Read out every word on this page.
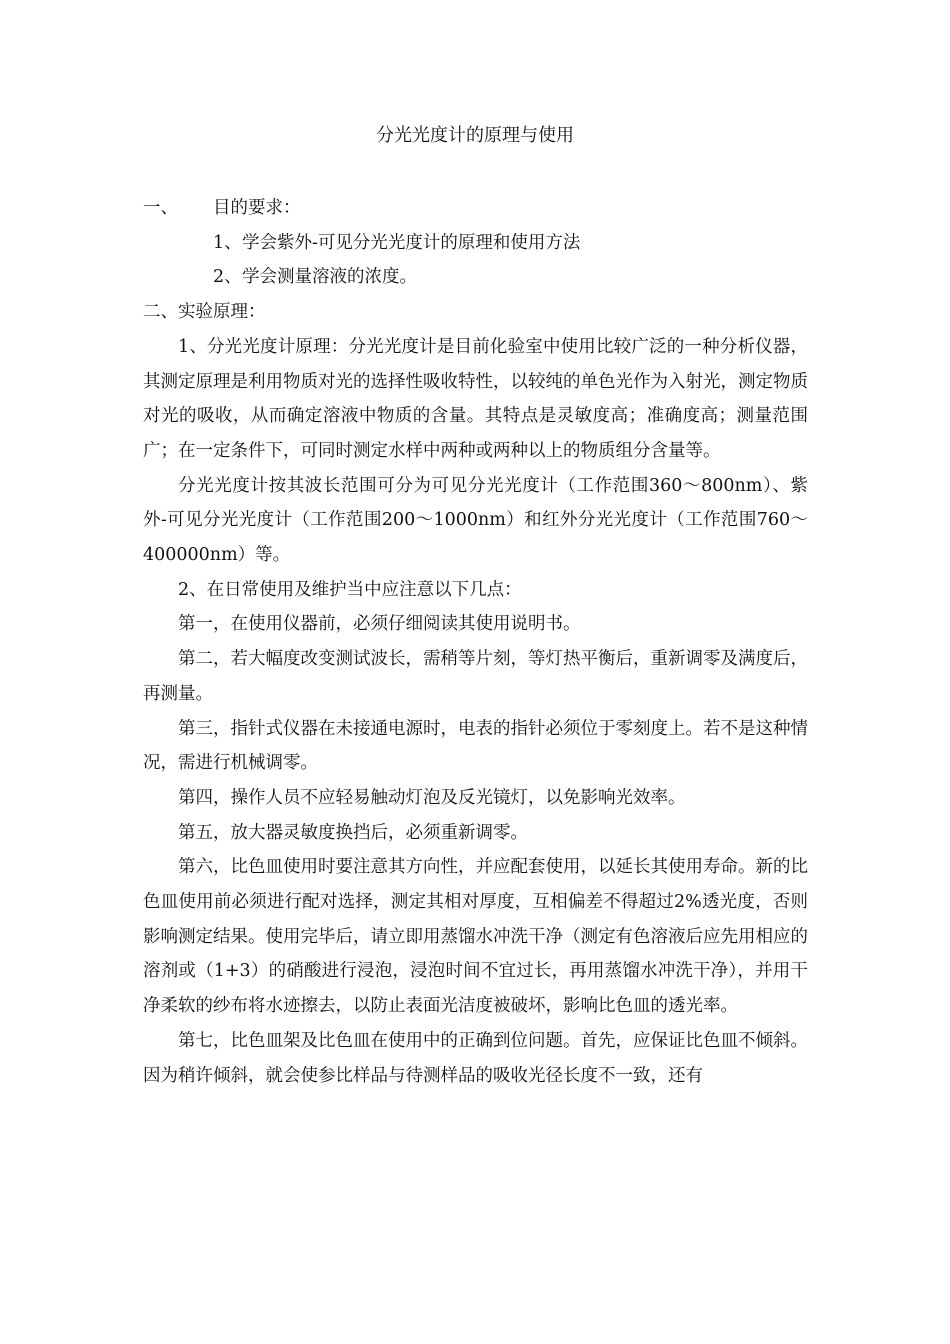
分光光度计的原理与使用

一、 目的要求：

1、学会紫外-可见分光光度计的原理和使用方法

2、学会测量溶液的浓度。

二、实验原理：

1、分光光度计原理：分光光度计是目前化验室中使用比较广泛的一种分析仪器，其测定原理是利用物质对光的选择性吸收特性，以较纯的单色光作为入射光，测定物质对光的吸收，从而确定溶液中物质的含量。其特点是灵敏度高；准确度高；测量范围广；在一定条件下，可同时测定水样中两种或两种以上的物质组分含量等。

分光光度计按其波长范围可分为可见分光光度计（工作范围360～800nm）、紫外-可见分光光度计（工作范围200～1000nm）和红外分光光度计（工作范围760～400000nm）等。

2、在日常使用及维护当中应注意以下几点：

第一，在使用仪器前，必须仔细阅读其使用说明书。

第二，若大幅度改变测试波长，需稍等片刻，等灯热平衡后，重新调零及满度后，再测量。

第三，指针式仪器在未接通电源时，电表的指针必须位于零刻度上。若不是这种情况，需进行机械调零。

第四，操作人员不应轻易触动灯泡及反光镜灯，以免影响光效率。

第五，放大器灵敏度换挡后，必须重新调零。

第六，比色皿使用时要注意其方向性，并应配套使用，以延长其使用寿命。新的比色皿使用前必须进行配对选择，测定其相对厚度，互相偏差不得超过2%透光度，否则影响测定结果。使用完毕后，请立即用蒸馏水冲洗干净（测定有色溶液后应先用相应的溶剂或（1+3）的硝酸进行浸泡，浸泡时间不宜过长，再用蒸馏水冲洗干净），并用干净柔软的纱布将水迹擦去，以防止表面光洁度被破坏，影响比色皿的透光率。

第七，比色皿架及比色皿在使用中的正确到位问题。首先，应保证比色皿不倾斜。因为稍许倾斜，就会使参比样品与待测样品的吸收光径长度不一致，还有
